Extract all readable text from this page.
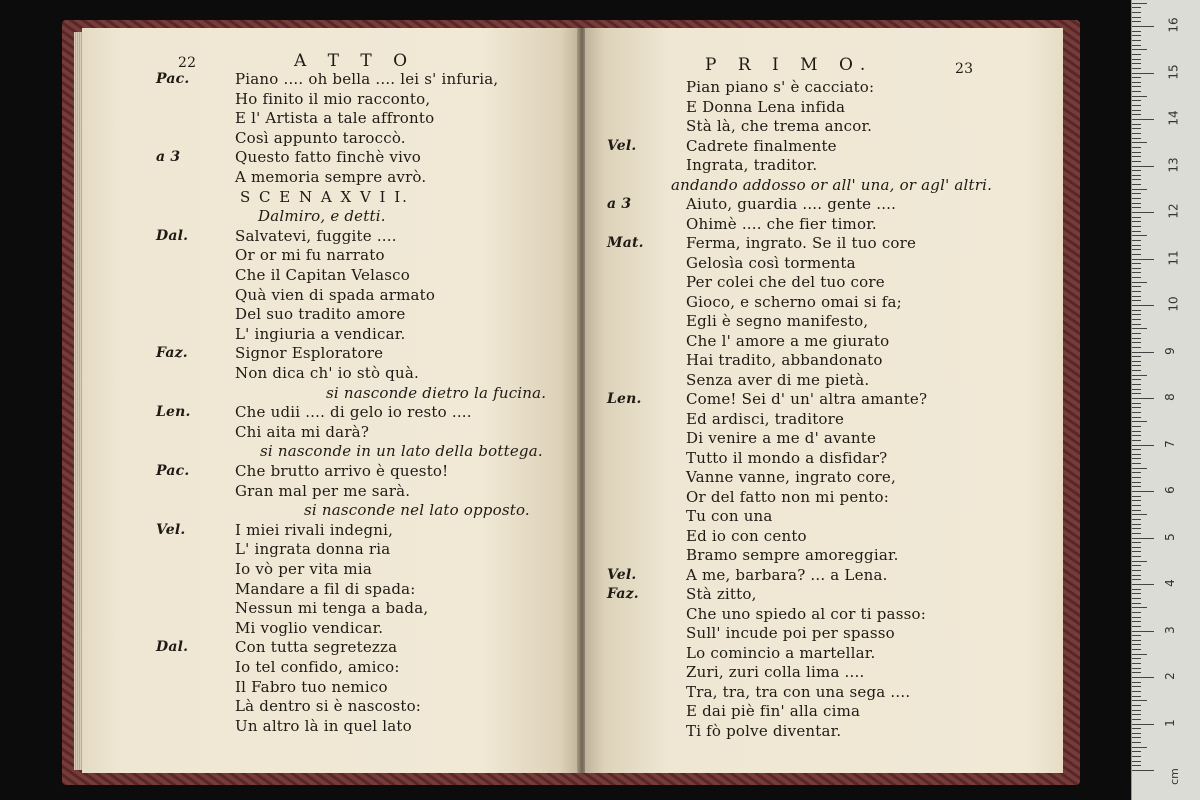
22	A T T O
Pac.	Piano .... oh bella .... lei s' infuria,
Ho finito il mio racconto,
E l' Artista a tale affronto
Così appunto taroccò.
a 3	Questo fatto finchè vivo
A memoria sempre avrò.
S C E N A X V I I.
Dalmiro, e detti.
Dal.	Salvatevi, fuggite ....
Or or mi fu narrato
Che il Capitan Velasco
Quà vien di spada armato
Del suo tradito amore
L' ingiuria a vendicar.
Faz.	Signor Esploratore
Non dica ch' io stò quà.
si nasconde dietro la fucina.
Len.	Che udii .... di gelo io resto ....
Chi aita mi darà?
si nasconde in un lato della bottega.
Pac.	Che brutto arrivo è questo!
Gran mal per me sarà.
si nasconde nel lato opposto.
Vel.	I miei rivali indegni,
L' ingrata donna ria
Io vò per vita mia
Mandare a fil di spada:
Nessun mi tenga a bada,
Mi voglio vendicar.
Dal.	Con tutta segretezza
Io tel confido, amico:
Il Fabro tuo nemico
Là dentro si è nascosto:
Un altro là in quel lato
P R I M O.	23
Pian piano s' è cacciato:
E Donna Lena infida
Stà là, che trema ancor.
Vel.	Cadrete finalmente
Ingrata, traditor.
andando addosso or all' una, or agl' altri.
a 3	Aiuto, guardia .... gente ....
Ohimè .... che fier timor.
Mat.	Ferma, ingrato. Se il tuo core
Gelosìa così tormenta
Per colei che del tuo core
Gioco, e scherno omai si fa;
Egli è segno manifesto,
Che l' amore a me giurato
Hai tradito, abbandonato
Senza aver di me pietà.
Len.	Come! Sei d' un' altra amante?
Ed ardisci, traditore
Di venire a me d' avante
Tutto il mondo a disfidar?
Vanne vanne, ingrato core,
Or del fatto non mi pento:
Tu con una
Ed io con cento
Bramo sempre amoreggiar.
Vel.	A me, barbara? ... a Lena.
Faz.	Stà zitto,
Che uno spiedo al cor ti passo:
Sull' incude poi per spasso
Lo comincio a martellar.
Zuri, zuri colla lima ....
Tra, tra, tra con una sega ....
E dai piè fin' alla cima
Ti fò polve diventar.
cm
1
2
3
4
5
6
7
8
9
10
11
12
13
14
15
16
